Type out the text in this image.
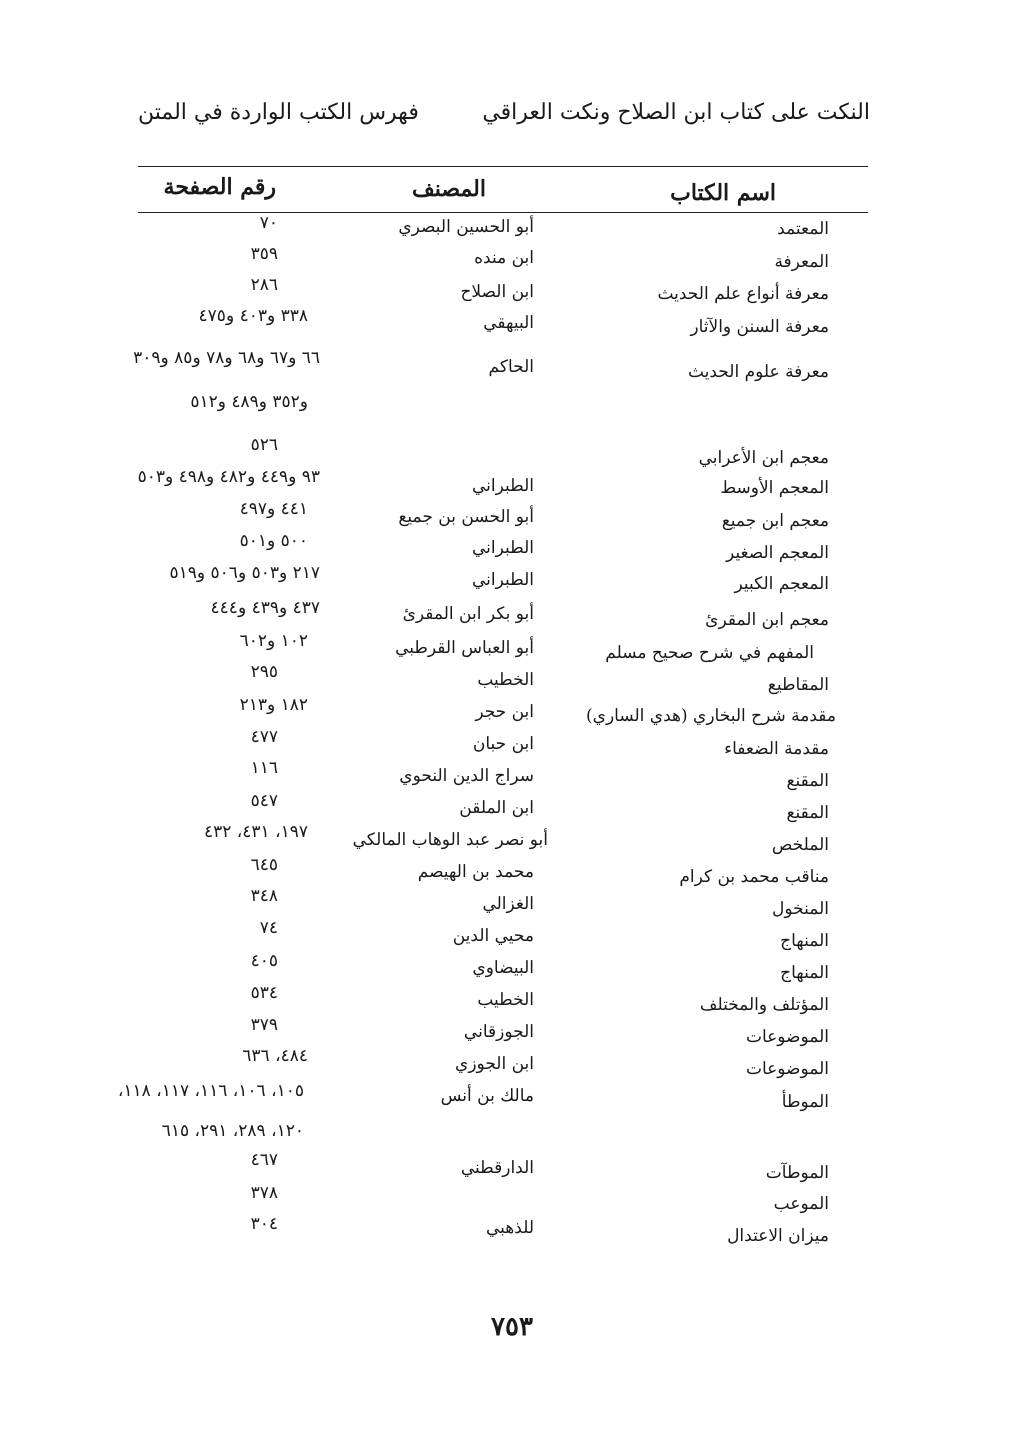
النكت على كتاب ابن الصلاح ونكت العراقي
فهرس الكتب الواردة في المتن
اسم الكتاب
المصنف
رقم الصفحة
المعتمد
أبو الحسين البصري
٧٠
المعرفة
ابن منده
٣٥٩
معرفة أنواع علم الحديث
ابن الصلاح
٢٨٦
معرفة السنن والآثار
البيهقي
٣٣٨ و٤٠٣ و٤٧٥
معرفة علوم الحديث
الحاكم
٦٦ و٦٧ و٦٨ و٧٨ و٨٥ و٣٠٩
و٣٥٢ و٤٨٩ و٥١٢
معجم ابن الأعرابي
٥٢٦
المعجم الأوسط
الطبراني
٩٣ و٤٤٩ و٤٨٢ و٤٩٨ و٥٠٣
معجم ابن جميع
أبو الحسن بن جميع
٤٤١ و٤٩٧
المعجم الصغير
الطبراني
٥٠٠ و٥٠١
المعجم الكبير
الطبراني
٢١٧ و٥٠٣ و٥٠٦ و٥١٩
معجم ابن المقرئ
أبو بكر ابن المقرئ
٤٣٧ و٤٣٩ و٤٤٤
المفهم في شرح صحيح مسلم
أبو العباس القرطبي
١٠٢ و٦٠٢
المقاطيع
الخطيب
٢٩٥
مقدمة شرح البخاري (هدي الساري)
ابن حجر
١٨٢ و٢١٣
مقدمة الضعفاء
ابن حبان
٤٧٧
المقنع
سراج الدين النحوي
١١٦
المقنع
ابن الملقن
٥٤٧
الملخص
أبو نصر عبد الوهاب المالكي
١٩٧، ٤٣١، ٤٣٢
مناقب محمد بن كرام
محمد بن الهيصم
٦٤٥
المنخول
الغزالي
٣٤٨
المنهاج
محيي الدين
٧٤
المنهاج
البيضاوي
٤٠٥
المؤتلف والمختلف
الخطيب
٥٣٤
الموضوعات
الجوزقاني
٣٧٩
الموضوعات
ابن الجوزي
٤٨٤، ٦٣٦
الموطأ
مالك بن أنس
١٠٥، ١٠٦، ١١٦، ١١٧، ١١٨،
١٢٠، ٢٨٩، ٢٩١، ٦١٥
الموطآت
الدارقطني
٤٦٧
الموعب
٣٧٨
ميزان الاعتدال
للذهبي
٣٠٤
٧٥٣
